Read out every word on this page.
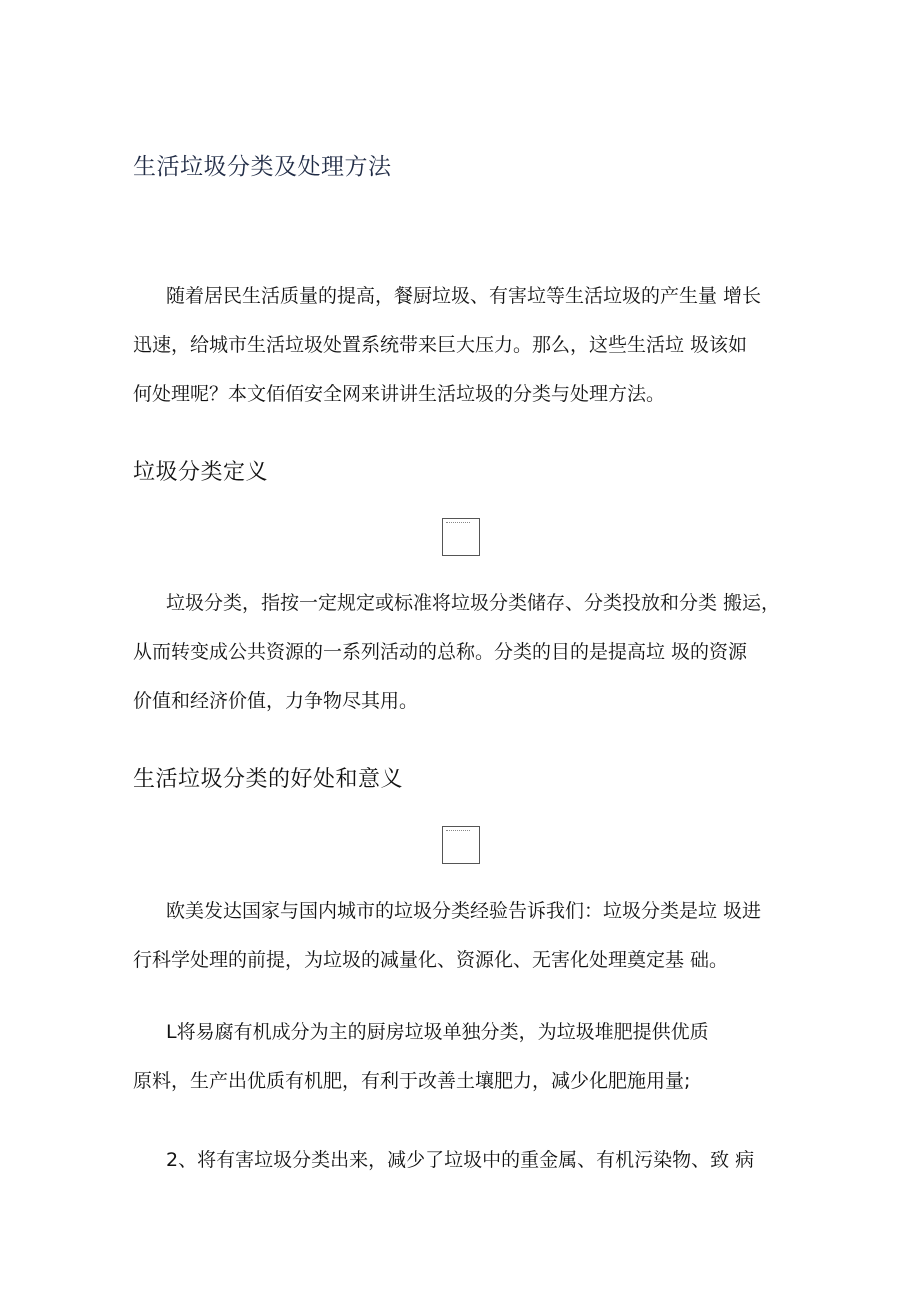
生活垃圾分类及处理方法
随着居民生活质量的提高，餐厨垃圾、有害垃等生活垃圾的产生量 增长
迅速，给城市生活垃圾处置系统带来巨大压力。那么，这些生活垃 圾该如
何处理呢？本文佰佰安全网来讲讲生活垃圾的分类与处理方法。
垃圾分类定义
垃圾分类，指按一定规定或标准将垃圾分类储存、分类投放和分类 搬运，
从而转变成公共资源的一系列活动的总称。分类的目的是提高垃 圾的资源
价值和经济价值，力争物尽其用。
生活垃圾分类的好处和意义
欧美发达国家与国内城市的垃圾分类经验告诉我们：垃圾分类是垃 圾进
行科学处理的前提，为垃圾的减量化、资源化、无害化处理奠定基 础。
L将易腐有机成分为主的厨房垃圾单独分类，为垃圾堆肥提供优质
原料，生产出优质有机肥，有利于改善土壤肥力，减少化肥施用量;
2、将有害垃圾分类出来，减少了垃圾中的重金属、有机污染物、致 病
